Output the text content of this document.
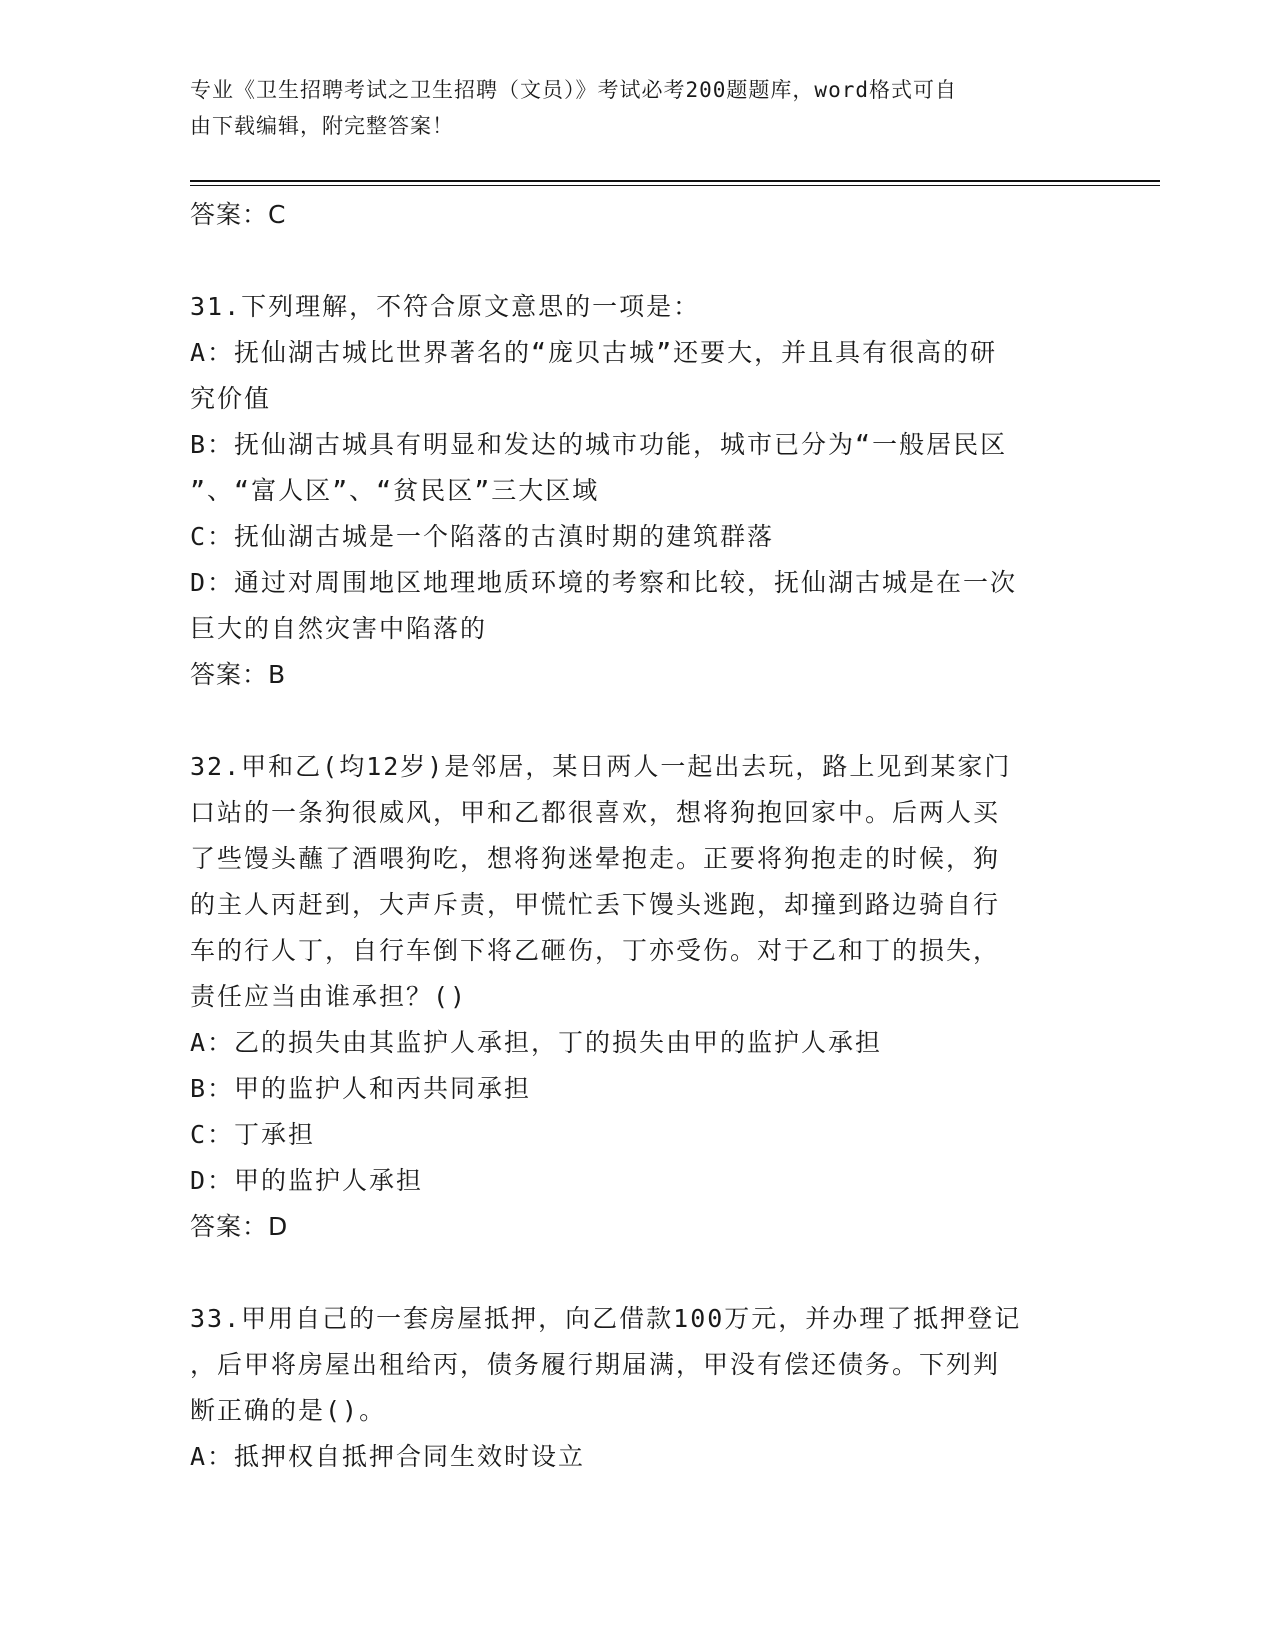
专业《卫生招聘考试之卫生招聘（文员）》考试必考200题题库，word格式可自
由下载编辑，附完整答案！
答案：C
31.下列理解，不符合原文意思的一项是：
A：抚仙湖古城比世界著名的“庞贝古城”还要大，并且具有很高的研
究价值
B：抚仙湖古城具有明显和发达的城市功能，城市已分为“一般居民区
”、“富人区”、“贫民区”三大区域
C：抚仙湖古城是一个陷落的古滇时期的建筑群落
D：通过对周围地区地理地质环境的考察和比较，抚仙湖古城是在一次
巨大的自然灾害中陷落的
答案：B
32.甲和乙(均12岁)是邻居，某日两人一起出去玩，路上见到某家门
口站的一条狗很威风，甲和乙都很喜欢，想将狗抱回家中。后两人买
了些馒头蘸了酒喂狗吃，想将狗迷晕抱走。正要将狗抱走的时候，狗
的主人丙赶到，大声斥责，甲慌忙丢下馒头逃跑，却撞到路边骑自行
车的行人丁，自行车倒下将乙砸伤，丁亦受伤。对于乙和丁的损失，
责任应当由谁承担？()
A：乙的损失由其监护人承担，丁的损失由甲的监护人承担
B：甲的监护人和丙共同承担
C：丁承担
D：甲的监护人承担
答案：D
33.甲用自己的一套房屋抵押，向乙借款100万元，并办理了抵押登记
，后甲将房屋出租给丙，债务履行期届满，甲没有偿还债务。下列判
断正确的是()。
A：抵押权自抵押合同生效时设立
